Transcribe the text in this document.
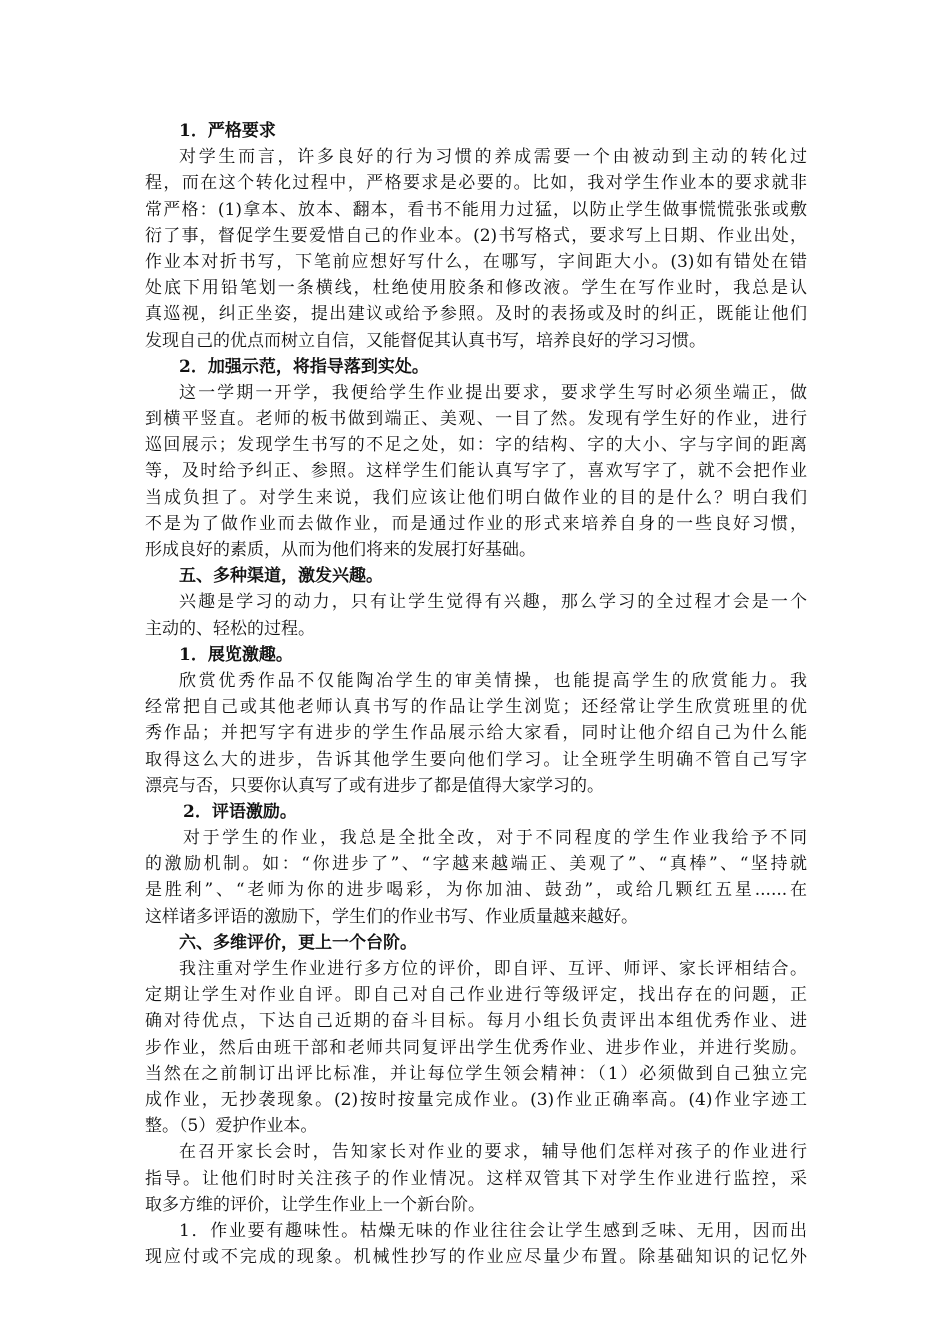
1．严格要求
对学生而言，许多良好的行为习惯的养成需要一个由被动到主动的转化过
程，而在这个转化过程中，严格要求是必要的。比如，我对学生作业本的要求就非
常严格：(1)拿本、放本、翻本，看书不能用力过猛，以防止学生做事慌慌张张或敷
衍了事，督促学生要爱惜自己的作业本。(2)书写格式，要求写上日期、作业出处，
作业本对折书写，下笔前应想好写什么，在哪写，字间距大小。(3)如有错处在错
处底下用铅笔划一条横线，杜绝使用胶条和修改液。学生在写作业时，我总是认
真巡视，纠正坐姿，提出建议或给予参照。及时的表扬或及时的纠正，既能让他们
发现自己的优点而树立自信，又能督促其认真书写，培养良好的学习习惯。
2．加强示范，将指导落到实处。
这一学期一开学，我便给学生作业提出要求，要求学生写时必须坐端正，做
到横平竖直。老师的板书做到端正、美观、一目了然。发现有学生好的作业，进行
巡回展示；发现学生书写的不足之处，如：字的结构、字的大小、字与字间的距离
等，及时给予纠正、参照。这样学生们能认真写字了，喜欢写字了，就不会把作业
当成负担了。对学生来说，我们应该让他们明白做作业的目的是什么？明白我们
不是为了做作业而去做作业，而是通过作业的形式来培养自身的一些良好习惯，
形成良好的素质，从而为他们将来的发展打好基础。
五、多种渠道，激发兴趣。
兴趣是学习的动力，只有让学生觉得有兴趣，那么学习的全过程才会是一个
主动的、轻松的过程。
1．展览激趣。
欣赏优秀作品不仅能陶冶学生的审美情操，也能提高学生的欣赏能力。我
经常把自己或其他老师认真书写的作品让学生浏览；还经常让学生欣赏班里的优
秀作品；并把写字有进步的学生作品展示给大家看，同时让他介绍自己为什么能
取得这么大的进步，告诉其他学生要向他们学习。让全班学生明确不管自己写字
漂亮与否，只要你认真写了或有进步了都是值得大家学习的。
2．评语激励。
对于学生的作业，我总是全批全改，对于不同程度的学生作业我给予不同
的激励机制。如：“你进步了”、“字越来越端正、美观了”、“真棒”、“坚持就
是胜利”、“老师为你的进步喝彩，为你加油、鼓劲”，或给几颗红五星......在
这样诸多评语的激励下，学生们的作业书写、作业质量越来越好。
六、多维评价，更上一个台阶。
我注重对学生作业进行多方位的评价，即自评、互评、师评、家长评相结合。
定期让学生对作业自评。即自己对自己作业进行等级评定，找出存在的问题，正
确对待优点，下达自己近期的奋斗目标。每月小组长负责评出本组优秀作业、进
步作业，然后由班干部和老师共同复评出学生优秀作业、进步作业，并进行奖励。
当然在之前制订出评比标准，并让每位学生领会精神：（1）必须做到自己独立完
成作业，无抄袭现象。(2)按时按量完成作业。(3)作业正确率高。(4)作业字迹工
整。（5）爱护作业本。
在召开家长会时，告知家长对作业的要求，辅导他们怎样对孩子的作业进行
指导。让他们时时关注孩子的作业情况。这样双管其下对学生作业进行监控，采
取多方维的评价，让学生作业上一个新台阶。
1．作业要有趣味性。枯燥无味的作业往往会让学生感到乏味、无用，因而出
现应付或不完成的现象。机械性抄写的作业应尽量少布置。除基础知识的记忆外
